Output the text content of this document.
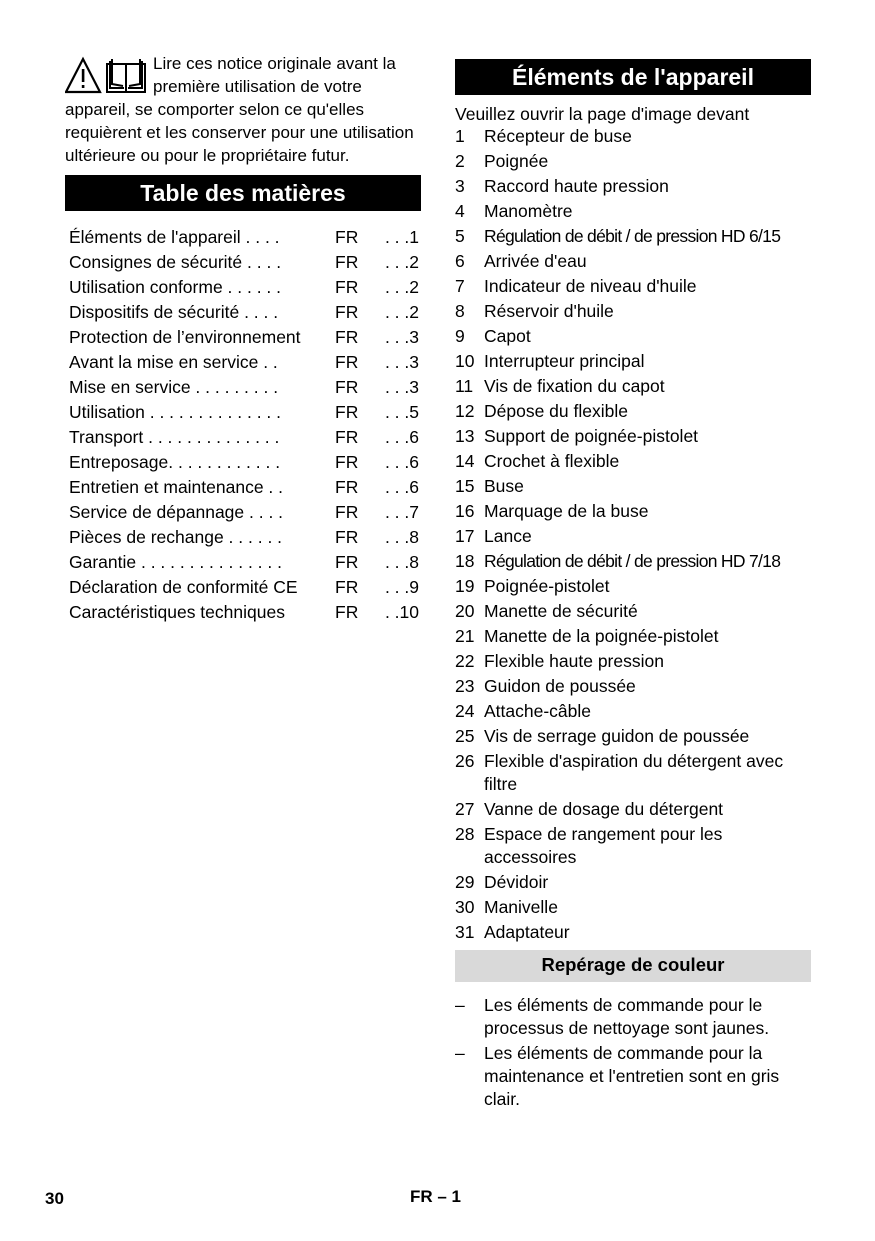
Lire ces notice originale avant la première utilisation de votre appareil, se comporter selon ce qu'elles requièrent et les conserver pour une utilisation ultérieure ou pour le propriétaire futur.
Table des matières
Éléments de l'appareil . . . .	FR	. . .1
Consignes de sécurité . . . .	FR	. . .2
Utilisation conforme . . . . . .	FR	. . .2
Dispositifs de sécurité . . . .	FR	. . .2
Protection de l’environnement	FR	. . .3
Avant la mise en service . .	FR	. . .3
Mise en service . . . . . . . . .	FR	. . .3
Utilisation . . . . . . . . . . . . . .	FR	. . .5
Transport . . . . . . . . . . . . . .	FR	. . .6
Entreposage. . . . . . . . . . . .	FR	. . .6
Entretien et maintenance . .	FR	. . .6
Service de dépannage . . . .	FR	. . .7
Pièces de rechange . . . . . .	FR	. . .8
Garantie . . . . . . . . . . . . . . .	FR	. . .8
Déclaration de conformité CE	FR	. . .9
Caractéristiques techniques	FR	. .10
Éléments de l'appareil
Veuillez ouvrir la page d'image devant
1	Récepteur de buse
2	Poignée
3	Raccord haute pression
4	Manomètre
5	Régulation de débit / de pression HD 6/15
6	Arrivée d'eau
7	Indicateur de niveau d'huile
8	Réservoir d'huile
9	Capot
10 Interrupteur principal
11 Vis de fixation du capot
12 Dépose du flexible
13 Support de poignée-pistolet
14 Crochet à flexible
15 Buse
16 Marquage de la buse
17 Lance
18 Régulation de débit / de pression HD 7/18
19 Poignée-pistolet
20 Manette de sécurité
21 Manette de la poignée-pistolet
22 Flexible haute pression
23 Guidon de poussée
24 Attache-câble
25 Vis de serrage guidon de poussée
26 Flexible d'aspiration du détergent avec filtre
27 Vanne de dosage du détergent
28 Espace de rangement pour les accessoires
29 Dévidoir
30 Manivelle
31 Adaptateur
Repérage de couleur
–	Les éléments de commande pour le processus de nettoyage sont jaunes.
–	Les éléments de commande pour la maintenance et l'entretien sont en gris clair.
30	FR – 1
